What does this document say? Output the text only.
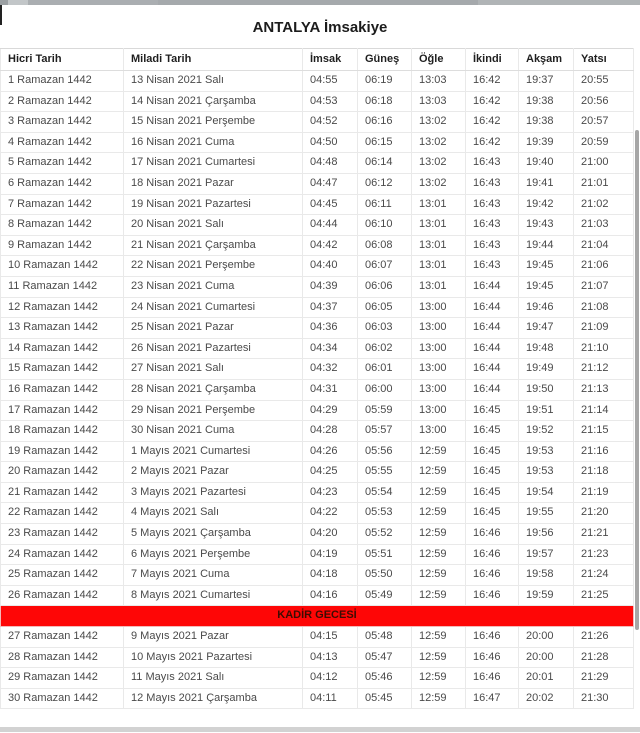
ANTALYA İmsakiye
Hicri Tarih	Miladi Tarih	İmsak	Güneş	Öğle	İkindi	Akşam	Yatsı
1 Ramazan 1442	13 Nisan 2021 Salı	04:55	06:19	13:03	16:42	19:37	20:55
2 Ramazan 1442	14 Nisan 2021 Çarşamba	04:53	06:18	13:03	16:42	19:38	20:56
3 Ramazan 1442	15 Nisan 2021 Perşembe	04:52	06:16	13:02	16:42	19:38	20:57
4 Ramazan 1442	16 Nisan 2021 Cuma	04:50	06:15	13:02	16:42	19:39	20:59
5 Ramazan 1442	17 Nisan 2021 Cumartesi	04:48	06:14	13:02	16:43	19:40	21:00
6 Ramazan 1442	18 Nisan 2021 Pazar	04:47	06:12	13:02	16:43	19:41	21:01
7 Ramazan 1442	19 Nisan 2021 Pazartesi	04:45	06:11	13:01	16:43	19:42	21:02
8 Ramazan 1442	20 Nisan 2021 Salı	04:44	06:10	13:01	16:43	19:43	21:03
9 Ramazan 1442	21 Nisan 2021 Çarşamba	04:42	06:08	13:01	16:43	19:44	21:04
10 Ramazan 1442	22 Nisan 2021 Perşembe	04:40	06:07	13:01	16:43	19:45	21:06
11 Ramazan 1442	23 Nisan 2021 Cuma	04:39	06:06	13:01	16:44	19:45	21:07
12 Ramazan 1442	24 Nisan 2021 Cumartesi	04:37	06:05	13:00	16:44	19:46	21:08
13 Ramazan 1442	25 Nisan 2021 Pazar	04:36	06:03	13:00	16:44	19:47	21:09
14 Ramazan 1442	26 Nisan 2021 Pazartesi	04:34	06:02	13:00	16:44	19:48	21:10
15 Ramazan 1442	27 Nisan 2021 Salı	04:32	06:01	13:00	16:44	19:49	21:12
16 Ramazan 1442	28 Nisan 2021 Çarşamba	04:31	06:00	13:00	16:44	19:50	21:13
17 Ramazan 1442	29 Nisan 2021 Perşembe	04:29	05:59	13:00	16:45	19:51	21:14
18 Ramazan 1442	30 Nisan 2021 Cuma	04:28	05:57	13:00	16:45	19:52	21:15
19 Ramazan 1442	1 Mayıs 2021 Cumartesi	04:26	05:56	12:59	16:45	19:53	21:16
20 Ramazan 1442	2 Mayıs 2021 Pazar	04:25	05:55	12:59	16:45	19:53	21:18
21 Ramazan 1442	3 Mayıs 2021 Pazartesi	04:23	05:54	12:59	16:45	19:54	21:19
22 Ramazan 1442	4 Mayıs 2021 Salı	04:22	05:53	12:59	16:45	19:55	21:20
23 Ramazan 1442	5 Mayıs 2021 Çarşamba	04:20	05:52	12:59	16:46	19:56	21:21
24 Ramazan 1442	6 Mayıs 2021 Perşembe	04:19	05:51	12:59	16:46	19:57	21:23
25 Ramazan 1442	7 Mayıs 2021 Cuma	04:18	05:50	12:59	16:46	19:58	21:24
26 Ramazan 1442	8 Mayıs 2021 Cumartesi	04:16	05:49	12:59	16:46	19:59	21:25
KADİR GECESİ							
27 Ramazan 1442	9 Mayıs 2021 Pazar	04:15	05:48	12:59	16:46	20:00	21:26
28 Ramazan 1442	10 Mayıs 2021 Pazartesi	04:13	05:47	12:59	16:46	20:00	21:28
29 Ramazan 1442	11 Mayıs 2021 Salı	04:12	05:46	12:59	16:46	20:01	21:29
30 Ramazan 1442	12 Mayıs 2021 Çarşamba	04:11	05:45	12:59	16:47	20:02	21:30
